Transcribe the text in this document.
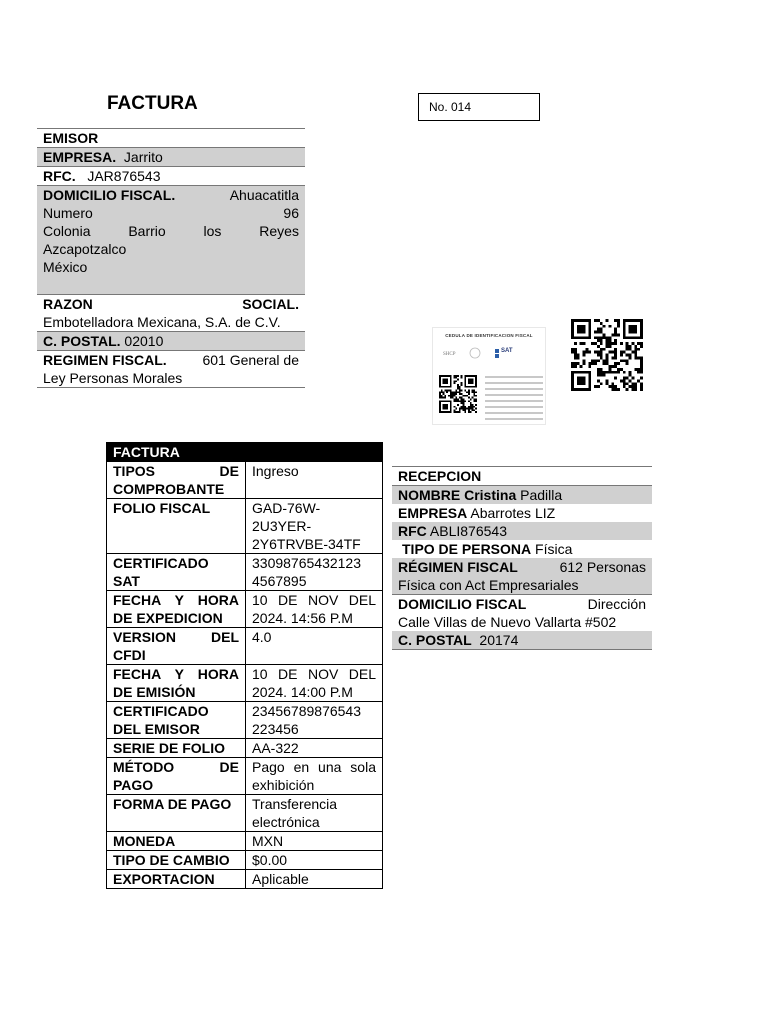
FACTURA	No. 014
EMISOR
EMPRESA. Jarrito
RFC. JAR876543
DOMICILIO FISCAL.	Ahuacatitla
Numero	96
Colonia	Barrio	los	Reyes
Azcapotzalco
México
RAZON	SOCIAL.
Embotelladora Mexicana, S.A. de C.V.
C. POSTAL. 02010
REGIMEN FISCAL.	601 General de
Ley Personas Morales
CEDULA DE IDENTIFICACION FISCAL
SHCP
SAT
FACTURA	
TIPOS DE COMPROBANTE	Ingreso
FOLIO FISCAL	GAD-76W-2U3YER-2Y6TRVBE-34TF
CERTIFICADO SAT	33098765432123 4567895
FECHA Y HORA DE EXPEDICION	10 DE NOV DEL 2024. 14:56 P.M
VERSION DEL CFDI	4.0
FECHA Y HORA DE EMISIÓN	10 DE NOV DEL 2024. 14:00 P.M
CERTIFICADO DEL EMISOR	23456789876543 223456
SERIE DE FOLIO	AA-322
MÉTODO DE PAGO	Pago en una sola exhibición
FORMA DE PAGO	Transferencia electrónica
MONEDA	MXN
TIPO DE CAMBIO	$0.00
EXPORTACION	Aplicable
RECEPCION
NOMBRE Cristina Padilla
EMPRESA Abarrotes LIZ
RFC ABLI876543
TIPO DE PERSONA Física
RÉGIMEN FISCAL	612 Personas
Física con Act Empresariales
DOMICILIO FISCAL	Dirección
Calle Villas de Nuevo Vallarta #502
C. POSTAL 20174
